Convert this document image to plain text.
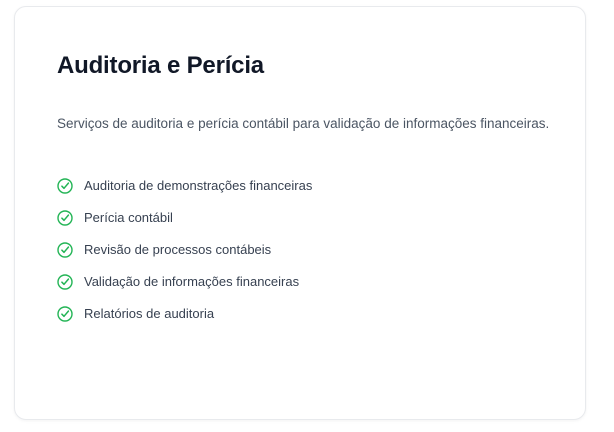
Auditoria e Perícia

Serviços de auditoria e perícia contábil para validação de informações financeiras.

Auditoria de demonstrações financeiras
Perícia contábil
Revisão de processos contábeis
Validação de informações financeiras
Relatórios de auditoria
